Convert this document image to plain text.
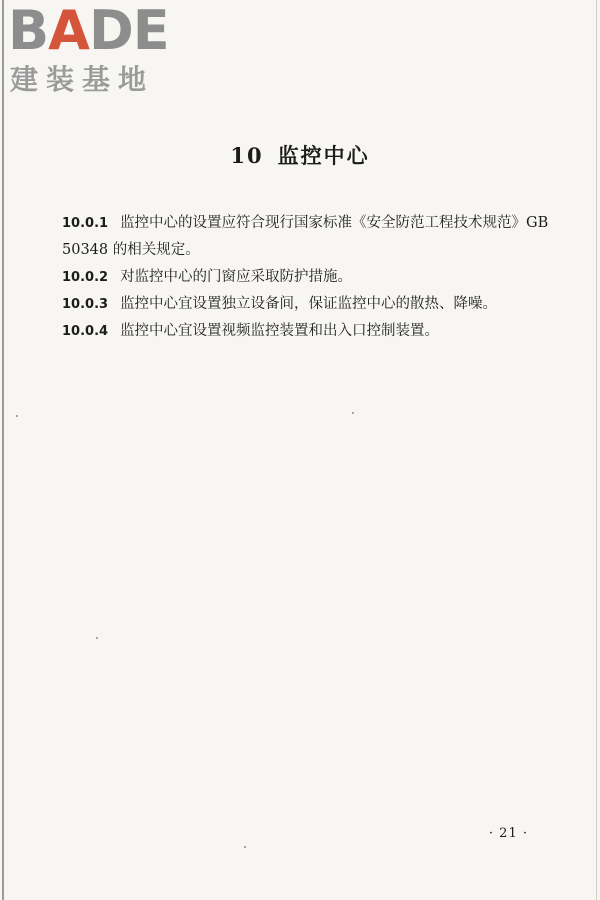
BADE
建装基地
10 监控中心

10.0.1 监控中心的设置应符合现行国家标准《安全防范工程技术规范》GB 50348 的相关规定。

10.0.2 对监控中心的门窗应采取防护措施。

10.0.3 监控中心宜设置独立设备间，保证监控中心的散热、降噪。

10.0.4 监控中心宜设置视频监控装置和出入口控制装置。

· 21 ·
